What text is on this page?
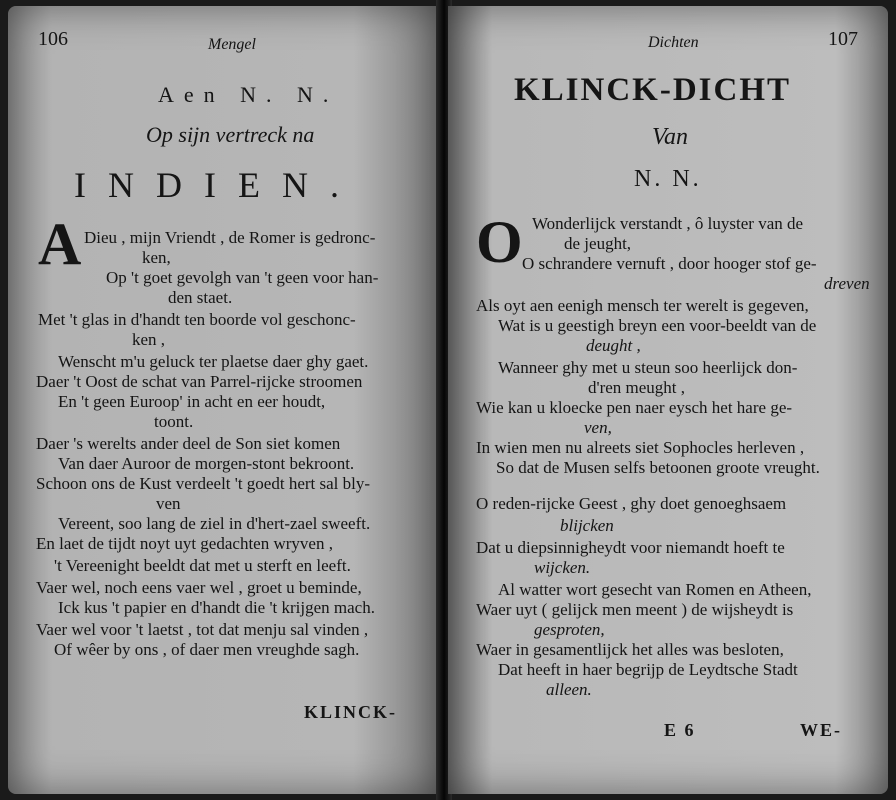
106	Mengel
Aen N. N.
Op sijn vertreck na
INDIEN.
A Dieu , mijn Vriendt , de Romer is gedronc-
ken,
Op 't goet gevolgh van 't geen voor han-
den staet.
Met 't glas in d'handt ten boorde vol geschonc-
ken ,
Wenscht m'u geluck ter plaetse daer ghy gaet.
Daer 't Oost de schat van Parrel-rijcke stroomen
En 't geen Euroop' in acht en eer houdt,
toont.
Daer 's werelts ander deel de Son siet komen
Van daer Auroor de morgen-stont bekroont.
Schoon ons de Kust verdeelt 't goedt hert sal bly-
ven
Vereent, soo lang de ziel in d'hert-zael sweeft.
En laet de tijdt noyt uyt gedachten wryven ,
't Vereenight beeldt dat met u sterft en leeft.
Vaer wel, noch eens vaer wel , groet u beminde,
Ick kus 't papier en d'handt die 't krijgen mach.
Vaer wel voor 't laetst , tot dat menju sal vinden ,
Of wêer by ons , of daer men vreughde sagh.
KLINCK-
Dichten	107
KLINCK-DICHT
Van
N. N.
O Wonderlijck verstandt , ô luyster van de
de jeught,
O schrandere vernuft , door hooger stof ge-
dreven
Als oyt aen eenigh mensch ter werelt is gegeven,
Wat is u geestigh breyn een voor-beeldt van de
deught ,
Wanneer ghy met u steun soo heerlijck don-
d'ren meught ,
Wie kan u kloecke pen naer eysch het hare ge-
ven,
In wien men nu alreets siet Sophocles herleven ,
So dat de Musen selfs betoonen groote vreught.
O reden-rijcke Geest , ghy doet genoeghsaem
blijcken
Dat u diepsinnigheydt voor niemandt hoeft te
wijcken.
Al watter wort gesecht van Romen en Atheen,
Waer uyt ( gelijck men meent ) de wijsheydt is
gesproten,
Waer in gesamentlijck het alles was besloten,
Dat heeft in haer begrijp de Leydtsche Stadt
alleen.
E 6	WE-
